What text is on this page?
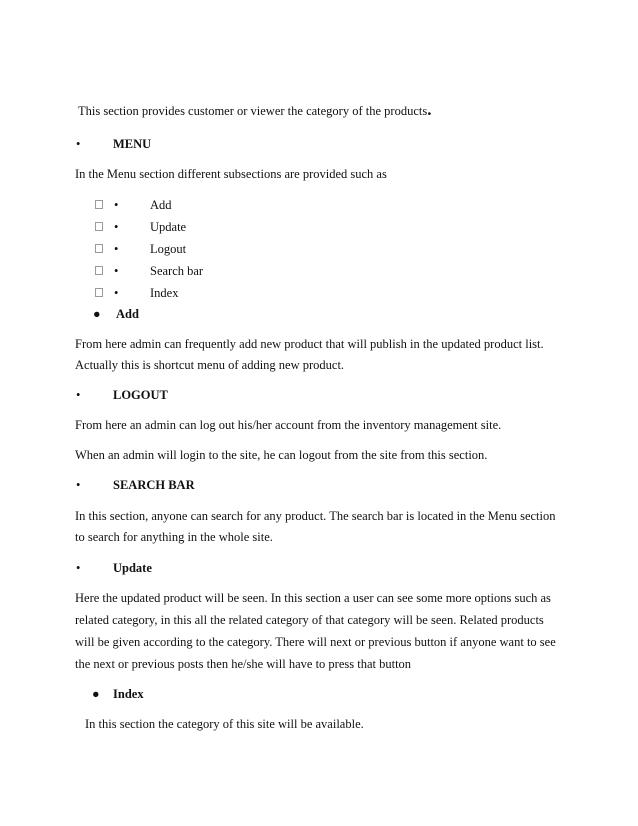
This section provides customer or viewer the category of the products.
•	MENU
In the Menu section different subsections are provided such as
•	Add
•	Update
•	Logout
•	Search bar
•	Index
● Add
From here admin can frequently add new product that will publish in the updated product list.
Actually this is shortcut menu of adding new product.
•	LOGOUT
From here an admin can log out his/her account from the inventory management site.
When an admin will login to the site, he can logout from the site from this section.
•	SEARCH BAR
In this section, anyone can search for any product. The search bar is located in the Menu section
to search for anything in the whole site.
•	Update
Here the updated product will be seen. In this section a user can see some more options such as
related category, in this all the related category of that category will be seen. Related products
will be given according to the category. There will next or previous button if anyone want to see
the next or previous posts then he/she will have to press that button
● Index
In this section the category of this site will be available.
